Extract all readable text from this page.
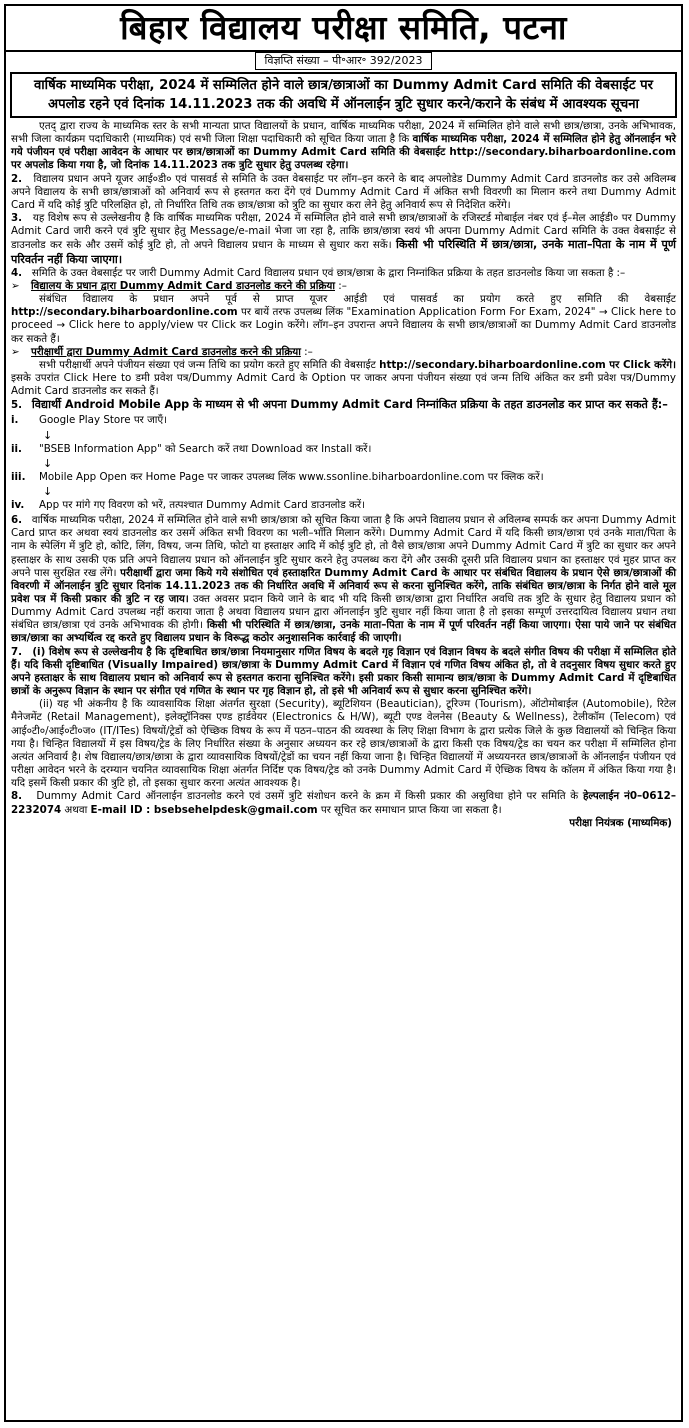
बिहार विद्यालय परीक्षा समिति, पटना
विज्ञप्ति संख्या – पी॰आर॰ 392/2023
वार्षिक माध्यमिक परीक्षा, 2024 में सम्मिलित होने वाले छात्र/छात्राओं का Dummy Admit Card समिति की वेबसाईट पर अपलोड रहने एवं दिनांक 14.11.2023 तक की अवधि में ऑनलाईन त्रुटि सुधार करने/कराने के संबंध में आवश्यक सूचना

एतद् द्वारा राज्य के माध्यमिक स्तर के सभी मान्यता प्राप्त विद्यालयों के प्रधान, वार्षिक माध्यमिक परीक्षा, 2024 में सम्मिलित होने वाले सभी छात्र/छात्रा, उनके अभिभावक, सभी जिला कार्यक्रम पदाधिकारी (माध्यमिक) एवं सभी जिला शिक्षा पदाधिकारी को सूचित किया जाता है कि वार्षिक माध्यमिक परीक्षा, 2024 में सम्मिलित होने हेतु ऑनलाईन भरे गये पंजीयन एवं परीक्षा आवेदन के आधार पर छात्र/छात्राओं का Dummy Admit Card समिति की वेबसाईट http://secondary.biharboardonline.com पर अपलोड किया गया है, जो दिनांक 14.11.2023 तक त्रुटि सुधार हेतु उपलब्ध रहेगा।

2. विद्यालय प्रधान अपने यूजर आई०डी० एवं पासवर्ड से समिति के उक्त वेबसाईट पर लॉग–इन करने के बाद अपलोडेड Dummy Admit Card डाउनलोड कर उसे अविलम्ब अपने विद्यालय के सभी छात्र/छात्राओं को अनिवार्य रूप से हस्तगत करा देंगे एवं Dummy Admit Card में अंकित सभी विवरणी का मिलान करने तथा Dummy Admit Card में यदि कोई त्रुटि परिलक्षित हो, तो निर्धारित तिथि तक छात्र/छात्रा को त्रुटि का सुधार करा लेने हेतु अनिवार्य रूप से निदेशित करेंगे।

3. यह विशेष रूप से उल्लेखनीय है कि वार्षिक माध्यमिक परीक्षा, 2024 में सम्मिलित होने वाले सभी छात्र/छात्राओं के रजिस्टर्ड मोबाईल नंबर एवं ई–मेल आईडी० पर Dummy Admit Card जारी करने एवं त्रुटि सुधार हेतु Message/e-mail भेजा जा रहा है, ताकि छात्र/छात्रा स्वयं भी अपना Dummy Admit Card समिति के उक्त वेबसाईट से डाउनलोड कर सके और उसमें कोई त्रुटि हो, तो अपने विद्यालय प्रधान के माध्यम से सुधार करा सकें। किसी भी परिस्थिति में छात्र/छात्रा, उनके माता–पिता के नाम में पूर्ण परिवर्तन नहीं किया जाएगा।

4. समिति के उक्त वेबसाईट पर जारी Dummy Admit Card विद्यालय प्रधान एवं छात्र/छात्रा के द्वारा निम्नांकित प्रक्रिया के तहत डाउनलोड किया जा सकता है :–

➢ विद्यालय के प्रधान द्वारा Dummy Admit Card डाउनलोड करने की प्रक्रिया :–

संबंधित विद्यालय के प्रधान अपने पूर्व से प्राप्त यूजर आईडी एवं पासवर्ड का प्रयोग करते हुए समिति की वेबसाईट http://secondary.biharboardonline.com पर बायें तरफ उपलब्ध लिंक "Examination Application Form For Exam, 2024" → Click here to proceed → Click here to apply/view पर Click कर Login करेंगे। लॉग–इन उपरान्त अपने विद्यालय के सभी छात्र/छात्राओं का Dummy Admit Card डाउनलोड कर सकते हैं।

➢ परीक्षार्थी द्वारा Dummy Admit Card डाउनलोड करने की प्रक्रिया :–

सभी परीक्षार्थी अपने पंजीयन संख्या एवं जन्म तिथि का प्रयोग करते हुए समिति की वेबसाईट http://secondary.biharboardonline.com पर Click करेंगे। इसके उपरांत Click Here to डमी प्रवेश पत्र/Dummy Admit Card के Option पर जाकर अपना पंजीयन संख्या एवं जन्म तिथि अंकित कर डमी प्रवेश पत्र/Dummy Admit Card डाउनलोड कर सकते हैं।

5. विद्यार्थी Android Mobile App के माध्यम से भी अपना Dummy Admit Card निम्नांकित प्रक्रिया के तहत डाउनलोड कर प्राप्त कर सकते हैं:–

i.	Google Play Store पर जाएँ।
↓
ii.	"BSEB Information App" को Search करें तथा Download कर Install करें।
↓
iii.	Mobile App Open कर Home Page पर जाकर उपलब्ध लिंक www.ssonline.biharboardonline.com पर क्लिक करें।
↓
iv.	App पर मांगे गए विवरण को भरें, तत्पश्चात Dummy Admit Card डाउनलोड करें।

6. वार्षिक माध्यमिक परीक्षा, 2024 में सम्मिलित होने वाले सभी छात्र/छात्रा को सूचित किया जाता है कि अपने विद्यालय प्रधान से अविलम्ब सम्पर्क कर अपना Dummy Admit Card प्राप्त कर अथवा स्वयं डाउनलोड कर उसमें अंकित सभी विवरण का भली–भाँति मिलान करेंगे। Dummy Admit Card में यदि किसी छात्र/छात्रा एवं उनके माता/पिता के नाम के स्पेलिंग में त्रुटि हो, कोटि, लिंग, विषय, जन्म तिथि, फोटो या हस्ताक्षर आदि में कोई त्रुटि हो, तो वैसे छात्र/छात्रा अपने Dummy Admit Card में त्रुटि का सुधार कर अपने हस्ताक्षर के साथ उसकी एक प्रति अपने विद्यालय प्रधान को ऑनलाईन त्रुटि सुधार करने हेतु उपलब्ध करा देंगे और उसकी दूसरी प्रति विद्यालय प्रधान का हस्ताक्षर एवं मुहर प्राप्त कर अपने पास सुरक्षित रख लेंगे। परीक्षार्थी द्वारा जमा किये गये संशोधित एवं हस्ताक्षरित Dummy Admit Card के आधार पर संबंधित विद्यालय के प्रधान ऐसे छात्र/छात्राओं की विवरणी में ऑनलाईन त्रुटि सुधार दिनांक 14.11.2023 तक की निर्धारित अवधि में अनिवार्य रूप से करना सुनिश्चित करेंगे, ताकि संबंधित छात्र/छात्रा के निर्गत होने वाले मूल प्रवेश पत्र में किसी प्रकार की त्रुटि न रह जाय। उक्त अवसर प्रदान किये जाने के बाद भी यदि किसी छात्र/छात्रा द्वारा निर्धारित अवधि तक त्रुटि के सुधार हेतु विद्यालय प्रधान को Dummy Admit Card उपलब्ध नहीं कराया जाता है अथवा विद्यालय प्रधान द्वारा ऑनलाईन त्रुटि सुधार नहीं किया जाता है तो इसका सम्पूर्ण उत्तरदायित्व विद्यालय प्रधान तथा संबंधित छात्र/छात्रा एवं उनके अभिभावक की होगी। किसी भी परिस्थिति में छात्र/छात्रा, उनके माता–पिता के नाम में पूर्ण परिवर्तन नहीं किया जाएगा। ऐसा पाये जाने पर संबंधित छात्र/छात्रा का अभ्यर्थित्व रद्द करते हुए विद्यालय प्रधान के विरूद्ध कठोर अनुशासनिक कार्रवाई की जाएगी।

7. (i) विशेष रूप से उल्लेखनीय है कि दृष्टिबाधित छात्र/छात्रा नियमानुसार गणित विषय के बदले गृह विज्ञान एवं विज्ञान विषय के बदले संगीत विषय की परीक्षा में सम्मिलित होते हैं। यदि किसी दृष्टिबाधित (Visually Impaired) छात्र/छात्रा के Dummy Admit Card में विज्ञान एवं गणित विषय अंकित हो, तो वे तदनुसार विषय सुधार करते हुए अपने हस्ताक्षर के साथ विद्यालय प्रधान को अनिवार्य रूप से हस्तगत कराना सुनिश्चित करेंगे। इसी प्रकार किसी सामान्य छात्र/छात्रा के Dummy Admit Card में दृष्टिबाधित छात्रों के अनुरूप विज्ञान के स्थान पर संगीत एवं गणित के स्थान पर गृह विज्ञान हो, तो इसे भी अनिवार्य रूप से सुधार करना सुनिश्चित करेंगे।

(ii) यह भी अंकनीय है कि व्यावसायिक शिक्षा अंतर्गत सुरक्षा (Security), ब्यूटिशियन (Beautician), टूरिज्म (Tourism), ऑटोमोबाईल (Automobile), रिटेल मैनेजमेंट (Retail Management), इलेक्ट्रॉनिक्स एण्ड हार्डवेयर (Electronics & H/W), ब्यूटी एण्ड वेलनेस (Beauty & Wellness), टेलीकॉम (Telecom) एवं आई०टी०/आई०टी०ज० (IT/ITes) विषयों/ट्रेडों को ऐच्छिक विषय के रूप में पठन–पाठन की व्यवस्था के लिए शिक्षा विभाग के द्वारा प्रत्येक जिले के कुछ विद्यालयों को चिन्हित किया गया है। चिन्हित विद्यालयों में इस विषय/ट्रेड के लिए निर्धारित संख्या के अनुसार अध्ययन कर रहे छात्र/छात्राओं के द्वारा किसी एक विषय/ट्रेड का चयन कर परीक्षा में सम्मिलित होना अत्यंत अनिवार्य है। शेष विद्यालय/छात्र/छात्रा के द्वारा व्यावसायिक विषयों/ट्रेडों का चयन नहीं किया जाना है। चिन्हित विद्यालयों में अध्ययनरत छात्र/छात्राओं के ऑनलाईन पंजीयन एवं परीक्षा आवेदन भरने के दरम्यान चयनित व्यावसायिक शिक्षा अंतर्गत निर्दिष्ट एक विषय/ट्रेड को उनके Dummy Admit Card में ऐच्छिक विषय के कॉलम में अंकित किया गया है। यदि इसमें किसी प्रकार की त्रुटि हो, तो इसका सुधार करना अत्यंत आवश्यक है।

8. Dummy Admit Card ऑनलाईन डाउनलोड करने एवं उसमें त्रुटि संशोधन करने के क्रम में किसी प्रकार की असुविधा होने पर समिति के हेल्पलाईन नं0–0612–2232074 अथवा E-mail ID : bsebsehelpdesk@gmail.com पर सूचित कर समाधान प्राप्त किया जा सकता है।

परीक्षा नियंत्रक (माध्यमिक)
